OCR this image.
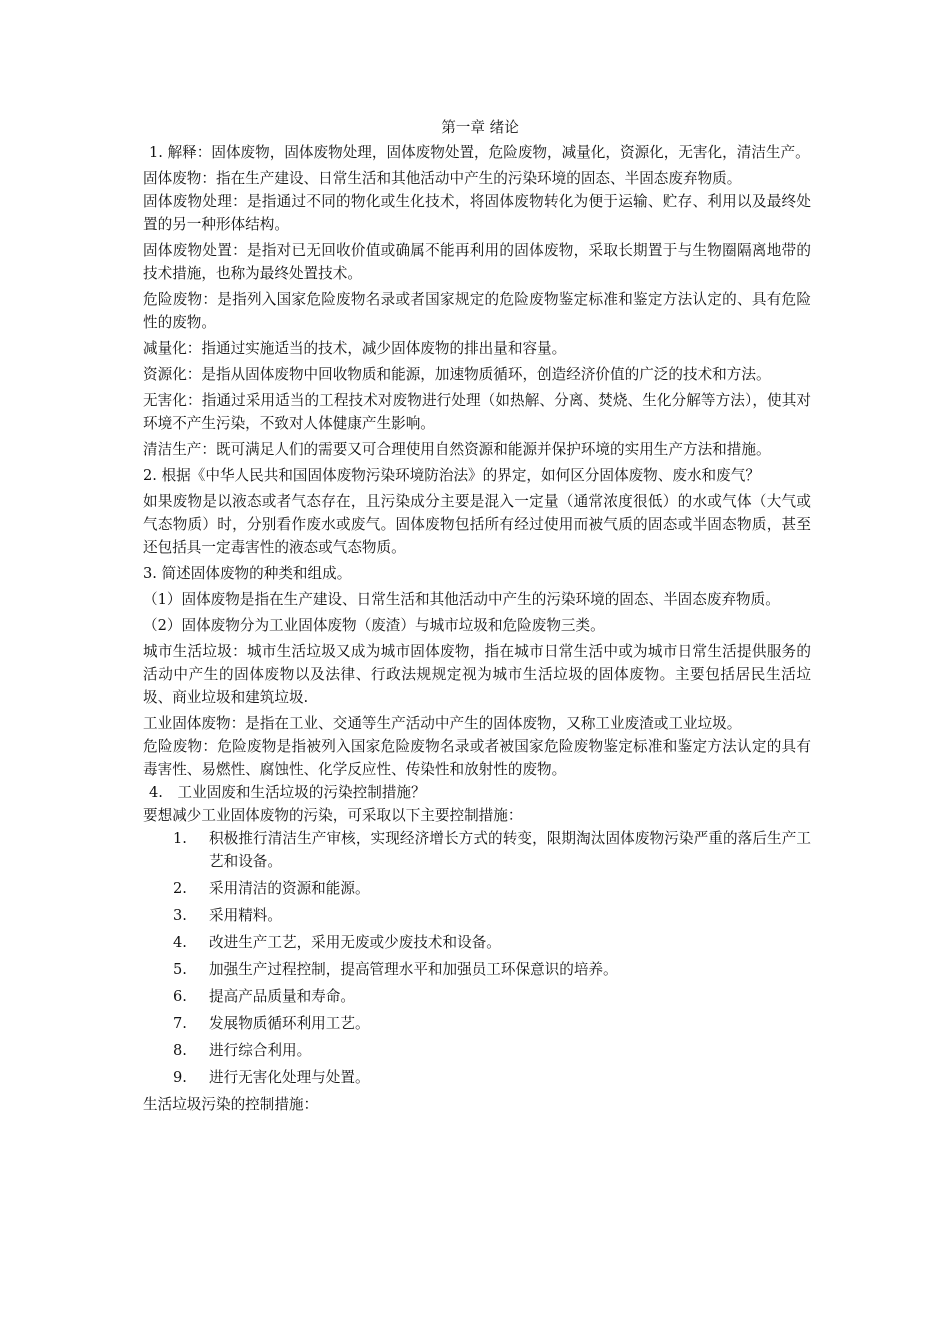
第一章 绪论

1. 解释：固体废物，固体废物处理，固体废物处置，危险废物，减量化，资源化，无害化，清洁生产。

固体废物：指在生产建设、日常生活和其他活动中产生的污染环境的固态、半固态废弃物质。

固体废物处理：是指通过不同的物化或生化技术，将固体废物转化为便于运输、贮存、利用以及最终处置的另一种形体结构。

固体废物处置：是指对已无回收价值或确属不能再利用的固体废物，采取长期置于与生物圈隔离地带的技术措施，也称为最终处置技术。

危险废物：是指列入国家危险废物名录或者国家规定的危险废物鉴定标准和鉴定方法认定的、具有危险性的废物。

减量化：指通过实施适当的技术，减少固体废物的排出量和容量。

资源化：是指从固体废物中回收物质和能源，加速物质循环，创造经济价值的广泛的技术和方法。

无害化：指通过采用适当的工程技术对废物进行处理（如热解、分离、焚烧、生化分解等方法），使其对环境不产生污染，不致对人体健康产生影响。

清洁生产：既可满足人们的需要又可合理使用自然资源和能源并保护环境的实用生产方法和措施。

2. 根据《中华人民共和国固体废物污染环境防治法》的界定，如何区分固体废物、废水和废气？

如果废物是以液态或者气态存在，且污染成分主要是混入一定量（通常浓度很低）的水或气体（大气或气态物质）时，分别看作废水或废气。固体废物包括所有经过使用而被气质的固态或半固态物质，甚至还包括具一定毒害性的液态或气态物质。

3. 简述固体废物的种类和组成。

（1）固体废物是指在生产建设、日常生活和其他活动中产生的污染环境的固态、半固态废弃物质。

（2）固体废物分为工业固体废物（废渣）与城市垃圾和危险废物三类。

城市生活垃圾：城市生活垃圾又成为城市固体废物，指在城市日常生活中或为城市日常生活提供服务的活动中产生的固体废物以及法律、行政法规规定视为城市生活垃圾的固体废物。主要包括居民生活垃圾、商业垃圾和建筑垃圾.

工业固体废物：是指在工业、交通等生产活动中产生的固体废物，又称工业废渣或工业垃圾。

危险废物：危险废物是指被列入国家危险废物名录或者被国家危险废物鉴定标准和鉴定方法认定的具有毒害性、易燃性、腐蚀性、化学反应性、传染性和放射性的废物。

4.　工业固废和生活垃圾的污染控制措施？

要想减少工业固体废物的污染，可采取以下主要控制措施：

1. 积极推行清洁生产审核，实现经济增长方式的转变，限期淘汰固体废物污染严重的落后生产工艺和设备。
2. 采用清洁的资源和能源。
3. 采用精料。
4. 改进生产工艺，采用无废或少废技术和设备。
5. 加强生产过程控制，提高管理水平和加强员工环保意识的培养。
6. 提高产品质量和寿命。
7. 发展物质循环利用工艺。
8. 进行综合利用。
9. 进行无害化处理与处置。

生活垃圾污染的控制措施：
